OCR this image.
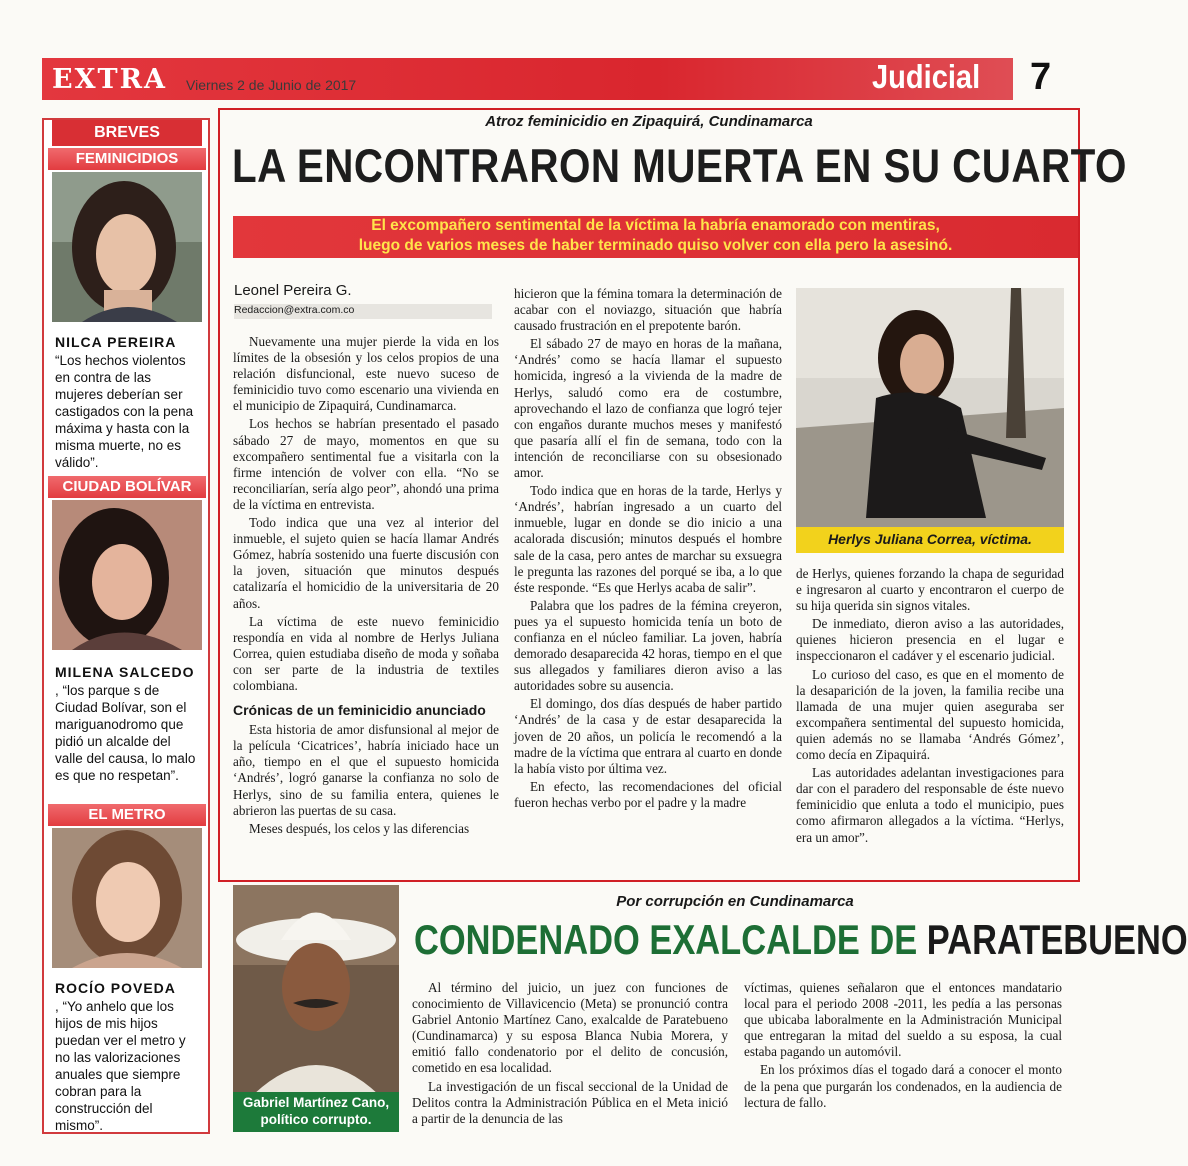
EXTRA Viernes 2 de Junio de 2017	Judicial 7
BREVES
FEMINICIDIOS
NILCA PEREIRA
“Los hechos violentos en contra de las mujeres deberían ser castigados con la pena máxima y hasta con la misma muerte, no es válido”.
CIUDAD BOLÍVAR
MILENA SALCEDO
, “los parque s de Ciudad Bolívar, son el mariguanodromo que pidió un alcalde del valle del causa, lo malo es que no respetan”.
EL METRO
ROCÍO POVEDA
, “Yo anhelo que los hijos de mis hijos puedan ver el metro y no las valorizaciones anuales que siempre cobran para la construcción del mismo”.
Atroz feminicidio en Zipaquirá, Cundinamarca
LA ENCONTRARON MUERTA EN SU CUARTO
El excompañero sentimental de la víctima la habría enamorado con mentiras,
luego de varios meses de haber terminado quiso volver con ella pero la asesinó.
Leonel Pereira G.
Redaccion@extra.com.co

Nuevamente una mujer pierde la vida en los límites de la obsesión y los celos propios de una relación disfuncional, este nuevo suceso de feminicidio tuvo como escenario una vivienda en el municipio de Zipaquirá, Cundinamarca.

Los hechos se habrían presentado el pasado sábado 27 de mayo, momentos en que su excompañero sentimental fue a visitarla con la firme intención de volver con ella. “No se reconciliarían, sería algo peor”, ahondó una prima de la víctima en entrevista.

Todo indica que una vez al interior del inmueble, el sujeto quien se hacía llamar Andrés Gómez, habría sostenido una fuerte discusión con la joven, situación que minutos después catalizaría el homicidio de la universitaria de 20 años.

La víctima de este nuevo feminicidio respondía en vida al nombre de Herlys Juliana Correa, quien estudiaba diseño de moda y soñaba con ser parte de la industria de textiles colombiana.

Crónicas de un feminicidio anunciado

Esta historia de amor disfunsional al mejor de la película ‘Cicatrices’, habría iniciado hace un año, tiempo en el que el supuesto homicida ‘Andrés’, logró ganarse la confianza no solo de Herlys, sino de su familia entera, quienes le abrieron las puertas de su casa.

Meses después, los celos y las diferencias

hicieron que la fémina tomara la determinación de acabar con el noviazgo, situación que habría causado frustración en el prepotente barón.

El sábado 27 de mayo en horas de la mañana, ‘Andrés’ como se hacía llamar el supuesto homicida, ingresó a la vivienda de la madre de Herlys, saludó como era de costumbre, aprovechando el lazo de confianza que logró tejer con engaños durante muchos meses y manifestó que pasaría allí el fin de semana, todo con la intención de reconciliarse con su obsesionado amor.

Todo indica que en horas de la tarde, Herlys y ‘Andrés’, habrían ingresado a un cuarto del inmueble, lugar en donde se dio inicio a una acalorada discusión; minutos después el hombre sale de la casa, pero antes de marchar su exsuegra le pregunta las razones del porqué se iba, a lo que éste responde. “Es que Herlys acaba de salir”.

Palabra que los padres de la fémina creyeron, pues ya el supuesto homicida tenía un boto de confianza en el núcleo familiar. La joven, habría demorado desaparecida 42 horas, tiempo en el que sus allegados y familiares dieron aviso a las autoridades sobre su ausencia.

El domingo, dos días después de haber partido ‘Andrés’ de la casa y de estar desaparecida la joven de 20 años, un policía le recomendó a la madre de la víctima que entrara al cuarto en donde la había visto por última vez.

En efecto, las recomendaciones del oficial fueron hechas verbo por el padre y la madre

Herlys Juliana Correa, víctima.

de Herlys, quienes forzando la chapa de seguridad e ingresaron al cuarto y encontraron el cuerpo de su hija querida sin signos vitales.

De inmediato, dieron aviso a las autoridades, quienes hicieron presencia en el lugar e inspeccionaron el cadáver y el escenario judicial.

Lo curioso del caso, es que en el momento de la desaparición de la joven, la familia recibe una llamada de una mujer quien aseguraba ser excompañera sentimental del supuesto homicida, quien además no se llamaba ‘Andrés Gómez’, como decía en Zipaquirá.

Las autoridades adelantan investigaciones para dar con el paradero del responsable de éste nuevo feminicidio que enluta a todo el municipio, pues como afirmaron allegados a la víctima. “Herlys, era un amor”.

Gabriel Martínez Cano,
político corrupto.
Por corrupción en Cundinamarca
CONDENADO EXALCALDE DE PARATEBUENO

Al término del juicio, un juez con funciones de conocimiento de Villavicencio (Meta) se pronunció contra Gabriel Antonio Martínez Cano, exalcalde de Paratebueno (Cundinamarca) y su esposa Blanca Nubia Morera, y emitió fallo condenatorio por el delito de concusión, cometido en esa localidad.

La investigación de un fiscal seccional de la Unidad de Delitos contra la Administración Pública en el Meta inició a partir de la denuncia de las

víctimas, quienes señalaron que el entonces mandatario local para el periodo 2008 -2011, les pedía a las personas que ubicaba laboralmente en la Administración Municipal que entregaran la mitad del sueldo a su esposa, la cual estaba pagando un automóvil.

En los próximos días el togado dará a conocer el monto de la pena que purgarán los condenados, en la audiencia de lectura de fallo.
